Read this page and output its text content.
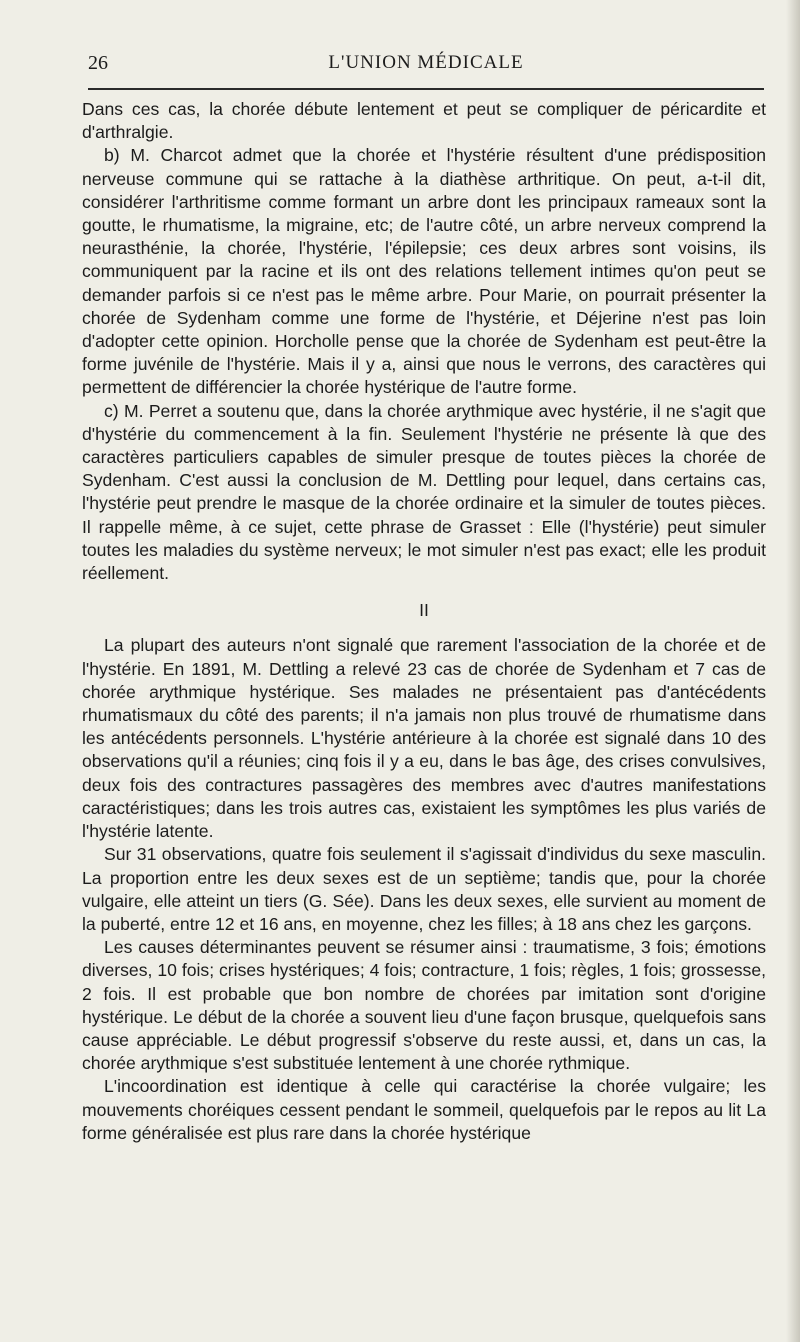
26	L'UNION MÉDICALE

Dans ces cas, la chorée débute lentement et peut se compliquer de péricardite et d'arthralgie.

b) M. Charcot admet que la chorée et l'hystérie résultent d'une prédisposition nerveuse commune qui se rattache à la diathèse arthritique. On peut, a-t-il dit, considérer l'arthritisme comme formant un arbre dont les principaux rameaux sont la goutte, le rhumatisme, la migraine, etc; de l'autre côté, un arbre nerveux comprend la neurasthénie, la chorée, l'hystérie, l'épilepsie; ces deux arbres sont voisins, ils communiquent par la racine et ils ont des relations tellement intimes qu'on peut se demander parfois si ce n'est pas le même arbre. Pour Marie, on pourrait présenter la chorée de Sydenham comme une forme de l'hystérie, et Déjerine n'est pas loin d'adopter cette opinion. Horcholle pense que la chorée de Sydenham est peut-être la forme juvénile de l'hystérie. Mais il y a, ainsi que nous le verrons, des caractères qui permettent de différencier la chorée hystérique de l'autre forme.

c) M. Perret a soutenu que, dans la chorée arythmique avec hystérie, il ne s'agit que d'hystérie du commencement à la fin. Seulement l'hystérie ne présente là que des caractères particuliers capables de simuler presque de toutes pièces la chorée de Sydenham. C'est aussi la conclusion de M. Dettling pour lequel, dans certains cas, l'hystérie peut prendre le masque de la chorée ordinaire et la simuler de toutes pièces. Il rappelle même, à ce sujet, cette phrase de Grasset : Elle (l'hystérie) peut simuler toutes les maladies du système nerveux; le mot simuler n'est pas exact; elle les produit réellement.

II

La plupart des auteurs n'ont signalé que rarement l'association de la chorée et de l'hystérie. En 1891, M. Dettling a relevé 23 cas de chorée de Sydenham et 7 cas de chorée arythmique hystérique. Ses malades ne présentaient pas d'antécédents rhumatismaux du côté des parents; il n'a jamais non plus trouvé de rhumatisme dans les antécédents personnels. L'hystérie antérieure à la chorée est signalé dans 10 des observations qu'il a réunies; cinq fois il y a eu, dans le bas âge, des crises convulsives, deux fois des contractures passagères des membres avec d'autres manifestations caractéristiques; dans les trois autres cas, existaient les symptômes les plus variés de l'hystérie latente.

Sur 31 observations, quatre fois seulement il s'agissait d'individus du sexe masculin. La proportion entre les deux sexes est de un septième; tandis que, pour la chorée vulgaire, elle atteint un tiers (G. Sée). Dans les deux sexes, elle survient au moment de la puberté, entre 12 et 16 ans, en moyenne, chez les filles; à 18 ans chez les garçons.

Les causes déterminantes peuvent se résumer ainsi : traumatisme, 3 fois; émotions diverses, 10 fois; crises hystériques; 4 fois; contracture, 1 fois; règles, 1 fois; grossesse, 2 fois. Il est probable que bon nombre de chorées par imitation sont d'origine hystérique. Le début de la chorée a souvent lieu d'une façon brusque, quelquefois sans cause appréciable. Le début progressif s'observe du reste aussi, et, dans un cas, la chorée arythmique s'est substituée lentement à une chorée rythmique.

L'incoordination est identique à celle qui caractérise la chorée vulgaire; les mouvements choréiques cessent pendant le sommeil, quelquefois par le repos au lit La forme généralisée est plus rare dans la chorée hystérique
